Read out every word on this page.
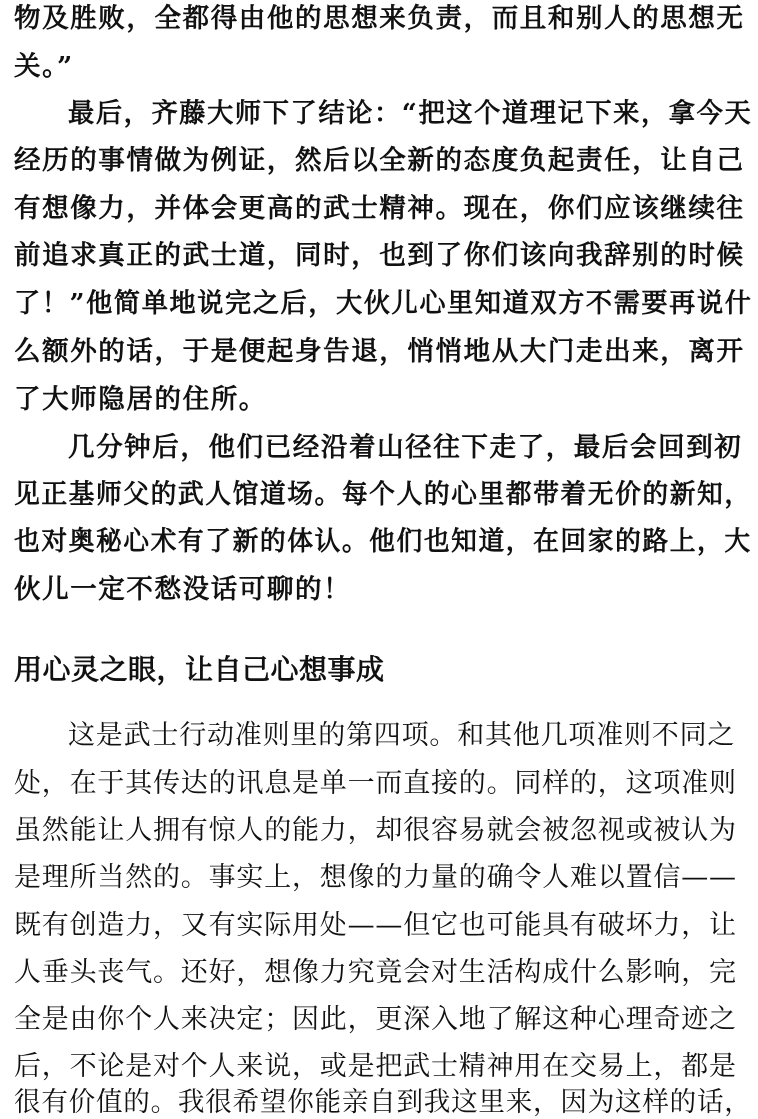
物及胜败，全都得由他的思想来负责，而且和别人的思想无
关。”
最后，齐藤大师下了结论：“把这个道理记下来，拿今天
经历的事情做为例证，然后以全新的态度负起责任，让自己
有想像力，并体会更高的武士精神。现在，你们应该继续往
前追求真正的武士道，同时，也到了你们该向我辞别的时候
了！”他简单地说完之后，大伙儿心里知道双方不需要再说什
么额外的话，于是便起身告退，悄悄地从大门走出来，离开
了大师隐居的住所。
几分钟后，他们已经沿着山径往下走了，最后会回到初
见正基师父的武人馆道场。每个人的心里都带着无价的新知，
也对奥秘心术有了新的体认。他们也知道，在回家的路上，大
伙儿一定不愁没话可聊的！
用心灵之眼，让自己心想事成
这是武士行动准则里的第四项。和其他几项准则不同之
处，在于其传达的讯息是单一而直接的。同样的，这项准则
虽然能让人拥有惊人的能力，却很容易就会被忽视或被认为
是理所当然的。事实上，想像的力量的确令人难以置信——
既有创造力，又有实际用处——但它也可能具有破坏力，让
人垂头丧气。还好，想像力究竟会对生活构成什么影响，完
全是由你个人来决定；因此，更深入地了解这种心理奇迹之
后，不论是对个人来说，或是把武士精神用在交易上，都是
很有价值的。我很希望你能亲自到我这里来，因为这样的话，
